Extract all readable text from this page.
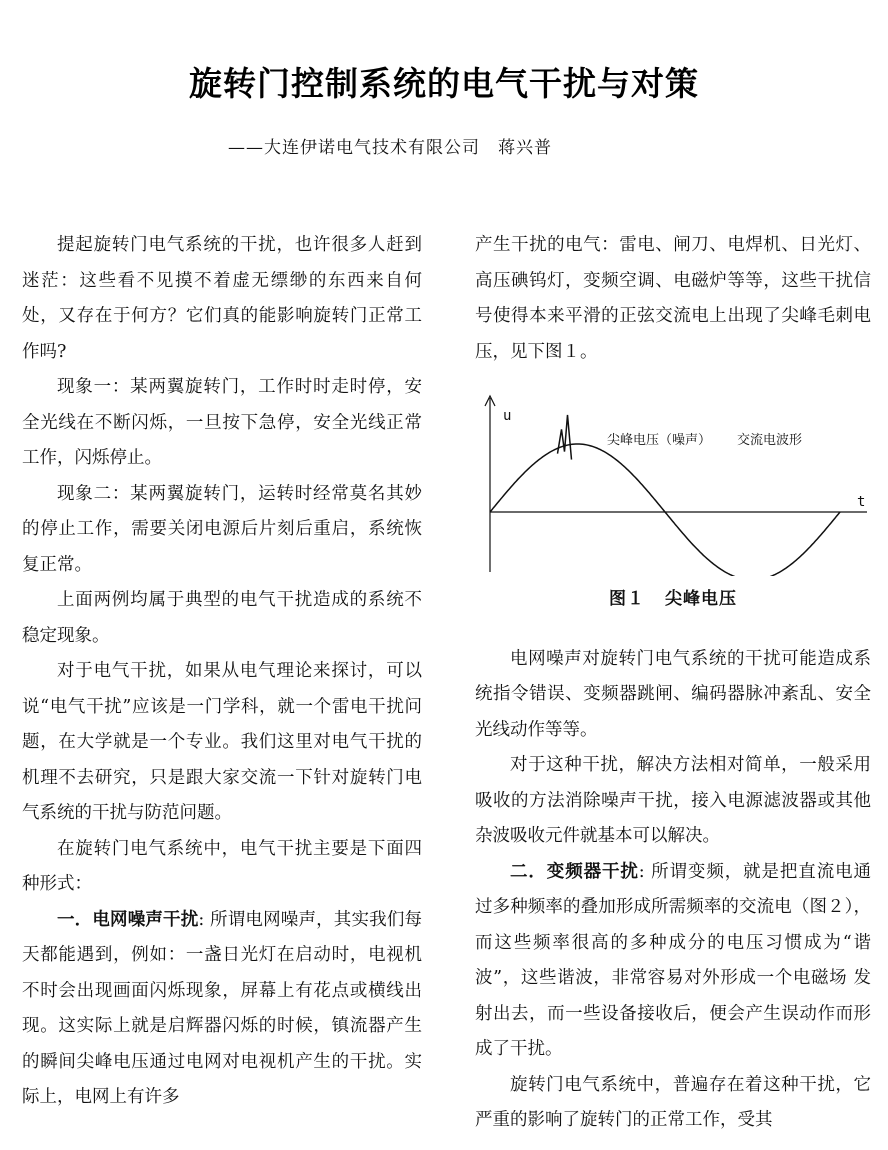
旋转门控制系统的电气干扰与对策
——大连伊诺电气技术有限公司　蒋兴普

提起旋转门电气系统的干扰，也许很多人赶到迷茫：这些看不见摸不着虚无缥缈的东西来自何处，又存在于何方？它们真的能影响旋转门正常工作吗?

现象一：某两翼旋转门，工作时时走时停，安全光线在不断闪烁，一旦按下急停，安全光线正常工作，闪烁停止。

现象二：某两翼旋转门，运转时经常莫名其妙的停止工作，需要关闭电源后片刻后重启，系统恢复正常。

上面两例均属于典型的电气干扰造成的系统不稳定现象。

对于电气干扰，如果从电气理论来探讨，可以说“电气干扰”应该是一门学科，就一个雷电干扰问题，在大学就是一个专业。我们这里对电气干扰的机理不去研究，只是跟大家交流一下针对旋转门电气系统的干扰与防范问题。

在旋转门电气系统中，电气干扰主要是下面四种形式：

一．电网噪声干扰: 所谓电网噪声，其实我们每天都能遇到，例如：一盏日光灯在启动时，电视机不时会出现画面闪烁现象，屏幕上有花点或横线出现。这实际上就是启辉器闪烁的时候，镇流器产生的瞬间尖峰电压通过电网对电视机产生的干扰。实际上，电网上有许多

产生干扰的电气：雷电、闸刀、电焊机、日光灯、高压碘钨灯，变频空调、电磁炉等等，这些干扰信号使得本来平滑的正弦交流电上出现了尖峰毛刺电压，见下图１。

u
t
尖峰电压（噪声） 交流电波形
图１ 尖峰电压

电网噪声对旋转门电气系统的干扰可能造成系统指令错误、变频器跳闸、编码器脉冲紊乱、安全光线动作等等。

对于这种干扰，解决方法相对简单，一般采用吸收的方法消除噪声干扰，接入电源滤波器或其他杂波吸收元件就基本可以解决。

二．变频器干扰: 所谓变频，就是把直流电通过多种频率的叠加形成所需频率的交流电（图２），而这些频率很高的多种成分的电压习惯成为“谐波”，这些谐波，非常容易对外形成一个电磁场 发射出去，而一些设备接收后，便会产生误动作而形成了干扰。

旋转门电气系统中，普遍存在着这种干扰，它严重的影响了旋转门的正常工作，受其
